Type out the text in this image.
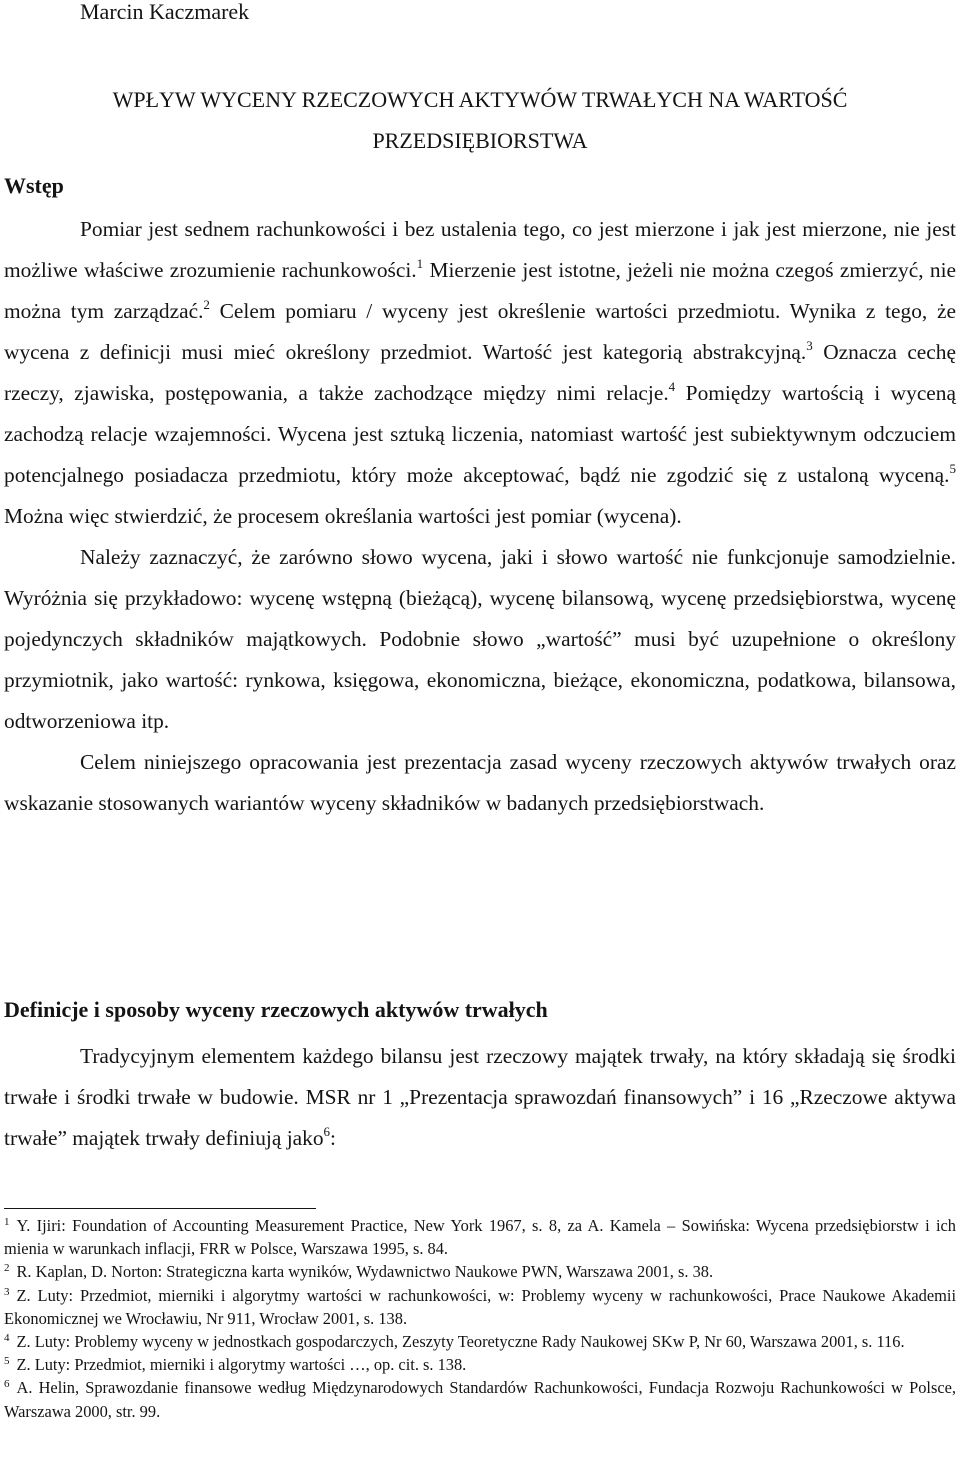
Marcin Kaczmarek
WPŁYW WYCENY RZECZOWYCH AKTYWÓW TRWAŁYCH NA WARTOŚĆ
PRZEDSIĘBIORSTWA
Wstęp

Pomiar jest sednem rachunkowości i bez ustalenia tego, co jest mierzone i jak jest mierzone, nie jest możliwe właściwe zrozumienie rachunkowości.$^1$ Mierzenie jest istotne, jeżeli nie można czegoś zmierzyć, nie można tym zarządzać.$^2$ Celem pomiaru / wyceny jest określenie wartości przedmiotu. Wynika z tego, że wycena z definicji musi mieć określony przedmiot. Wartość jest kategorią abstrakcyjną.$^3$ Oznacza cechę rzeczy, zjawiska, postępowania, a także zachodzące między nimi relacje.$^4$ Pomiędzy wartością i wyceną zachodzą relacje wzajemności. Wycena jest sztuką liczenia, natomiast wartość jest subiektywnym odczuciem potencjalnego posiadacza przedmiotu, który może akceptować, bądź nie zgodzić się z ustaloną wyceną.$^5$ Można więc stwierdzić, że procesem określania wartości jest pomiar (wycena).

Należy zaznaczyć, że zarówno słowo wycena, jaki i słowo wartość nie funkcjonuje samodzielnie. Wyróżnia się przykładowo: wycenę wstępną (bieżącą), wycenę bilansową, wycenę przedsiębiorstwa, wycenę pojedynczych składników majątkowych. Podobnie słowo „wartość” musi być uzupełnione o określony przymiotnik, jako wartość: rynkowa, księgowa, ekonomiczna, bieżące, ekonomiczna, podatkowa, bilansowa, odtworzeniowa itp.

Celem niniejszego opracowania jest prezentacja zasad wyceny rzeczowych aktywów trwałych oraz wskazanie stosowanych wariantów wyceny składników w badanych przedsiębiorstwach.

Definicje i sposoby wyceny rzeczowych aktywów trwałych

Tradycyjnym elementem każdego bilansu jest rzeczowy majątek trwały, na który składają się środki trwałe i środki trwałe w budowie. MSR nr 1 „Prezentacja sprawozdań finansowych” i 16 „Rzeczowe aktywa trwałe” majątek trwały definiują jako$^6$:

$^1$ Y. Ijiri: Foundation of Accounting Measurement Practice, New York 1967, s. 8, za A. Kamela – Sowińska: Wycena przedsiębiorstw i ich mienia w warunkach inflacji, FRR w Polsce, Warszawa 1995, s. 84.

$^2$ R. Kaplan, D. Norton: Strategiczna karta wyników, Wydawnictwo Naukowe PWN, Warszawa 2001, s. 38.

$^3$ Z. Luty: Przedmiot, mierniki i algorytmy wartości w rachunkowości, w: Problemy wyceny w rachunkowości, Prace Naukowe Akademii Ekonomicznej we Wrocławiu, Nr 911, Wrocław 2001, s. 138.

$^4$ Z. Luty: Problemy wyceny w jednostkach gospodarczych, Zeszyty Teoretyczne Rady Naukowej SKw P, Nr 60, Warszawa 2001, s. 116.

$^5$ Z. Luty: Przedmiot, mierniki i algorytmy wartości …, op. cit. s. 138.

$^6$ A. Helin, Sprawozdanie finansowe według Międzynarodowych Standardów Rachunkowości, Fundacja Rozwoju Rachunkowości w Polsce, Warszawa 2000, str. 99.
